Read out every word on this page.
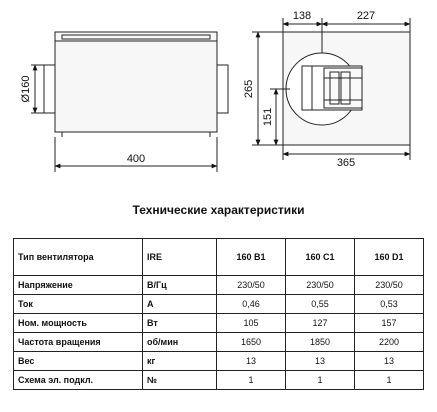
Ø160
400
138	227
265
151
365
Технические характеристики
Тип вентилятора	IRE	160 B1	160 C1	160 D1
Напряжение	В/Гц	230/50	230/50	230/50
Ток	А	0,46	0,55	0,53
Ном. мощность	Вт	105	127	157
Частота вращения	об/мин	1650	1850	2200
Вес	кг	13	13	13
Схема эл. подкл.	№	1	1	1
